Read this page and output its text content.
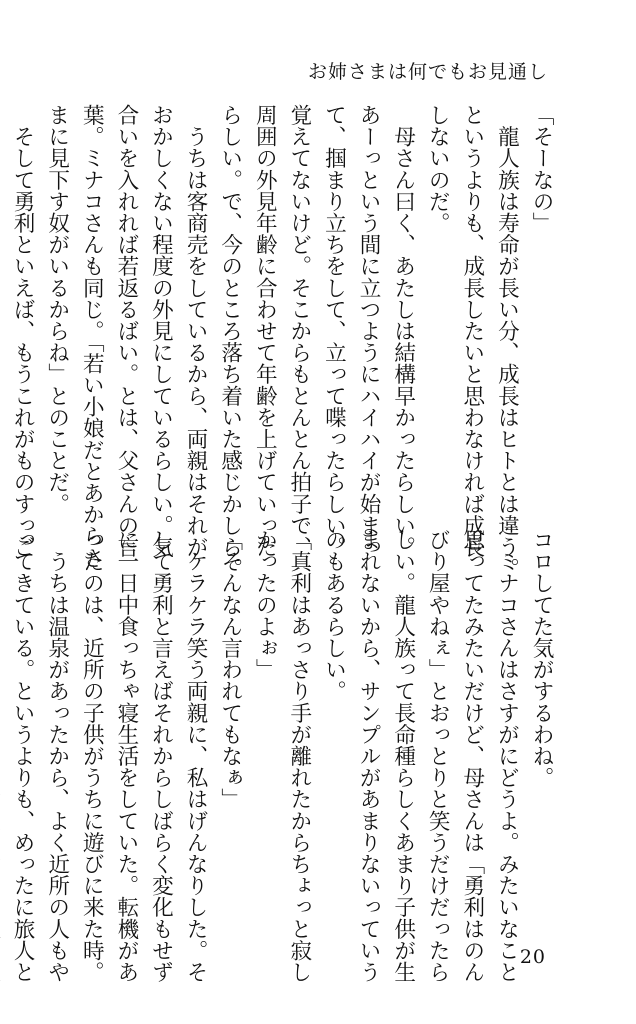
お姉さまは何でもお見通し
「そーなの」
　龍人族は寿命が長い分、成長はヒトとは違う。
というよりも、成長したいと思わなければ成長
しないのだ。
　母さん曰く、あたしは結構早かったらしい。
あーっという間に立つようにハイハイが始まっ
て、掴まり立ちをして、立って喋ったらしい。
覚えてないけど。そこからもとんとん拍子で、
周囲の外見年齢に合わせて年齢を上げていった
らしい。で、今のところ落ち着いた感じかしら。
　うちは客商売をしているから、両親はそれが
おかしくない程度の外見にしているらしい。気
合いを入れれば若返るばい。とは、父さんの言
葉。ミナコさんも同じ。「若い小娘だとあからさ
まに見下す奴がいるからね」とのことだ。
　そして勇利といえば、もうこれがものすっご
コロしてた気がするわね。
　ミナコさんはさすがにどうよ。みたいなこと
思ってたみたいだけど、母さんは「勇利はのん
びり屋やねぇ」とおっとりと笑うだけだったら
しい。龍人族って長命種らしくあまり子供が生
まれないから、サンプルがあまりないっていう
のもあるらしい。
「真利はあっさり手が離れたからちょっと寂し
かったのよぉ」
「そんなん言われてもなぁ」
　ケラケラ笑う両親に、私はげんなりした。そ
して勇利と言えばそれからしばらく変化もせず
に一日中食っちゃ寝生活をしていた。転機があ
ったのは、近所の子供がうちに遊びに来た時。
　うちは温泉があったから、よく近所の人もや
ってきている。というよりも、めったに旅人と	20
